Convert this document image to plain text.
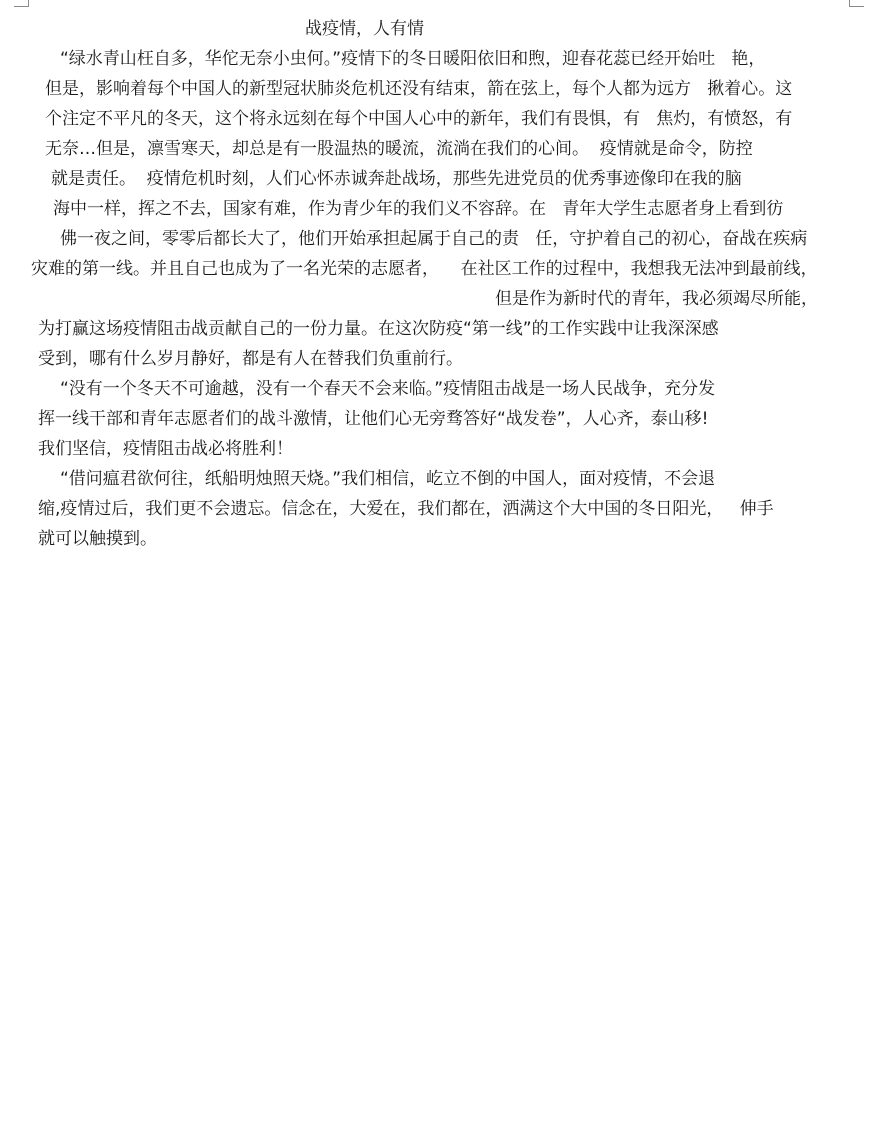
战疫情，人有情
“绿水青山枉自多，华佗无奈小虫何。”疫情下的冬日暖阳依旧和煦，迎春花蕊已经开始吐   艳，
但是，影响着每个中国人的新型冠状肺炎危机还没有结束，箭在弦上，每个人都为远方   揪着心。这
个注定不平凡的冬天，这个将永远刻在每个中国人心中的新年，我们有畏惧，有   焦灼，有愤怒，有
无奈…但是，凛雪寒天，却总是有一股温热的暖流，流淌在我们的心间。  疫情就是命令，防控
就是责任。  疫情危机时刻，人们心怀赤诚奔赴战场，那些先进党员的优秀事迹像印在我的脑
海中一样，挥之不去，国家有难，作为青少年的我们义不容辞。在   青年大学生志愿者身上看到彷
佛一夜之间，零零后都长大了，他们开始承担起属于自己的责   任，守护着自己的初心，奋战在疾病
灾难的第一线。并且自己也成为了一名光荣的志愿者，    在社区工作的过程中，我想我无法冲到最前线，
但是作为新时代的青年，我必须竭尽所能，
为打赢这场疫情阻击战贡献自己的一份力量。在这次防疫“第一线”的工作实践中让我深深感
受到，哪有什么岁月静好，都是有人在替我们负重前行。
“没有一个冬天不可逾越，没有一个春天不会来临。”疫情阻击战是一场人民战争，充分发
挥一线干部和青年志愿者们的战斗激情，让他们心无旁骛答好“战发卷”，人心齐，泰山移!
我们坚信，疫情阻击战必将胜利！
“借问瘟君欲何往，纸船明烛照天烧。”我们相信，屹立不倒的中国人，面对疫情，不会退
缩,疫情过后，我们更不会遗忘。信念在，大爱在，我们都在，洒满这个大中国的冬日阳光，   伸手
就可以触摸到。
